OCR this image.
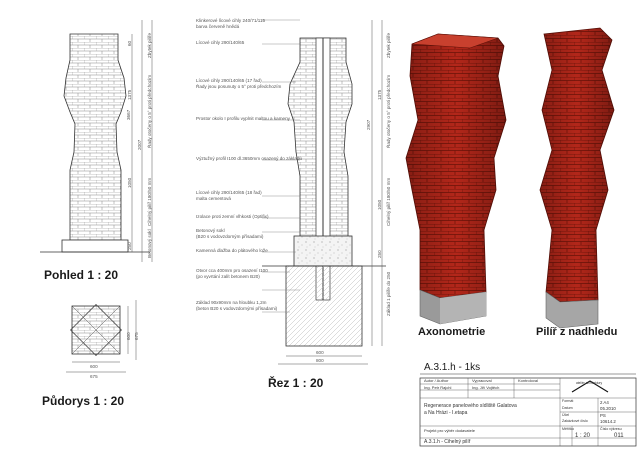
Pohled 1 : 20
Půdorys 1 : 20
Řez 1 : 20
Axonometrie	Pilíř z nadhledu
A.3.1.h - 1ks
Klinkerové lícové cihly 240/71/115
barva červeně hnědá
Lícové cihly 290/140/65
Lícové cihly 290/140/65 (17 řad)
Řady jsou posunuty o 5° proti předchozím
Prostor okolo I profilu vyplnit maltou a kameny
Výztužný profil I100 dl.3650mm osazený do základu
Lícové cihly 290/140/65 (18 řad)
malta cementová
Izolace proti zemní vlhkosti (Optifix)
Betonový sokl
(B20 s vodovzdorným přísadami)
Kamenná dlažba do plátového lože
Otvor cca 400mm pro osazení I100
(po vyvrtání zalít betonem B20)
Základ 90x90mm na hloubku 1,2m
(beton B20 s vodovzdornými přísadami)
3667
1375
1050
250
60
2007
Zbytek pilíře
Řady otočeny o 5° proti předchozím
Cihelný pilíř 180/50 mm
Betonový sokl
2907
1375
1050
250
600
800
Zbytek pilíře
Řady otočeny o 5° proti předchozím
Cihelný pilíř 180/50 mm
Základ 1 pilíře do 250
600
675
600 675
Autor / Author	Vypracoval	Kontroloval
Ing. Petr Rajchl	Ing. Jiří Vojtěch
Regenerace panelového sídliště Galatova
a Na Hrázi - I.etapa
Projekt pro výběr dodavatele
A.3.1.h - Cihelný pilíř
ateliér architektury
Formát	2 A4
Datum	05.2010
Účel	PS
Zakázkové číslo	10614.2
Měřítko
1 : 20
Číslo výkresu
011
